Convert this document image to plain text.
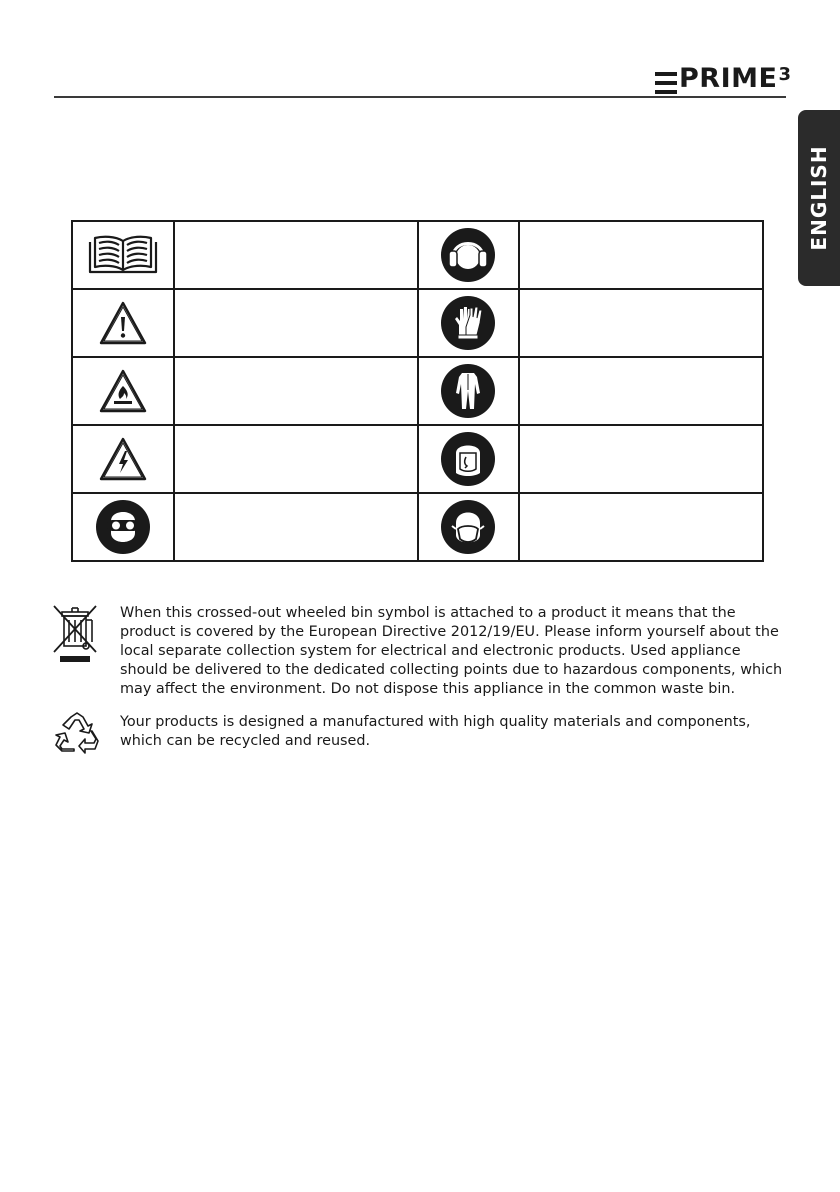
PRIME 3
ENGLISH

When this crossed-out wheeled bin symbol is attached to a product it means that the product is covered by the European Directive 2012/19/EU. Please inform yourself about the local separate collection system for electrical and electronic products. Used appliance should be delivered to the dedicated collecting points due to hazardous components, which may affect the environment. Do not dispose this appliance in the common waste bin.

Your products is designed a manufactured with high quality materials and components, which can be recycled and reused.
